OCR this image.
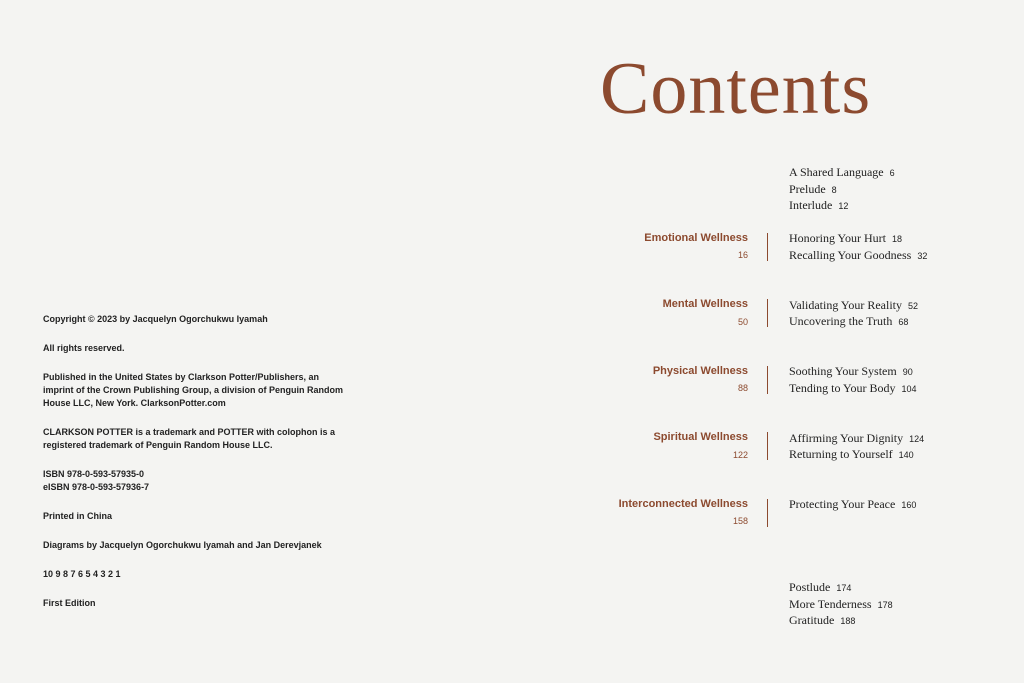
Copyright © 2023 by Jacquelyn Ogorchukwu Iyamah

All rights reserved.

Published in the United States by Clarkson Potter/Publishers, an imprint of the Crown Publishing Group, a division of Penguin Random House LLC, New York. ClarksonPotter.com

CLARKSON POTTER is a trademark and POTTER with colophon is a registered trademark of Penguin Random House LLC.

ISBN 978-0-593-57935-0
eISBN 978-0-593-57936-7

Printed in China

Diagrams by Jacquelyn Ogorchukwu Iyamah and Jan Derevjanek

10 9 8 7 6 5 4 3 2 1

First Edition

Contents
A Shared Language 6
Prelude 8
Interlude 12
Emotional Wellness
16
Honoring Your Hurt 18
Recalling Your Goodness 32
Mental Wellness
50
Validating Your Reality 52
Uncovering the Truth 68
Physical Wellness
88
Soothing Your System 90
Tending to Your Body 104
Spiritual Wellness
122
Affirming Your Dignity 124
Returning to Yourself 140
Interconnected Wellness
158
Protecting Your Peace 160
Postlude 174
More Tenderness 178
Gratitude 188
